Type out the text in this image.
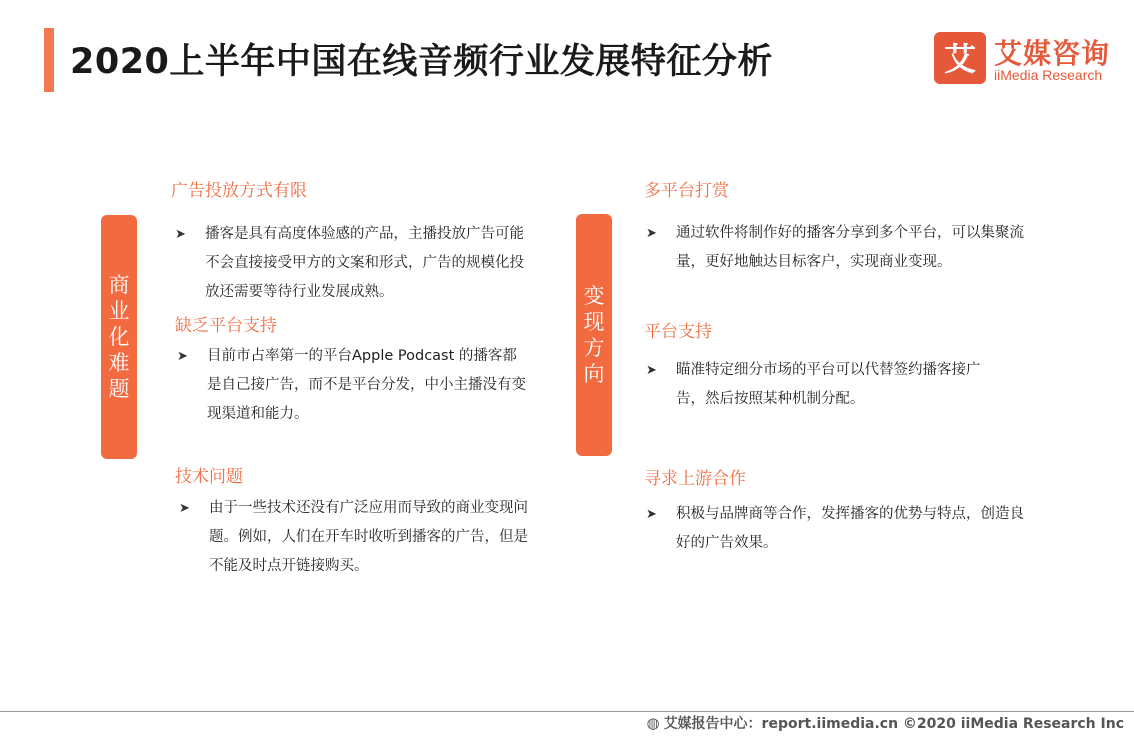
2020上半年中国在线音频行业发展特征分析	艾 艾媒咨询
iiMedia Research
商业化难题
广告投放方式有限
➤	播客是具有高度体验感的产品，主播投放广告可能不会直接接受甲方的文案和形式，广告的规模化投放还需要等待行业发展成熟。
缺乏平台支持
➤	目前市占率第一的平台Apple Podcast 的播客都是自己接广告，而不是平台分发，中小主播没有变现渠道和能力。
技术问题
➤	由于一些技术还没有广泛应用而导致的商业变现问题。例如，人们在开车时收听到播客的广告，但是不能及时点开链接购买。
变现方向
多平台打赏
➤	通过软件将制作好的播客分享到多个平台，可以集聚流量，更好地触达目标客户，实现商业变现。
平台支持
➤	瞄准特定细分市场的平台可以代替签约播客接广告，然后按照某种机制分配。
寻求上游合作
➤	积极与品牌商等合作，发挥播客的优势与特点，创造良好的广告效果。
◍ 艾媒报告中心：report.iimedia.cn ©2020 iiMedia Research Inc
